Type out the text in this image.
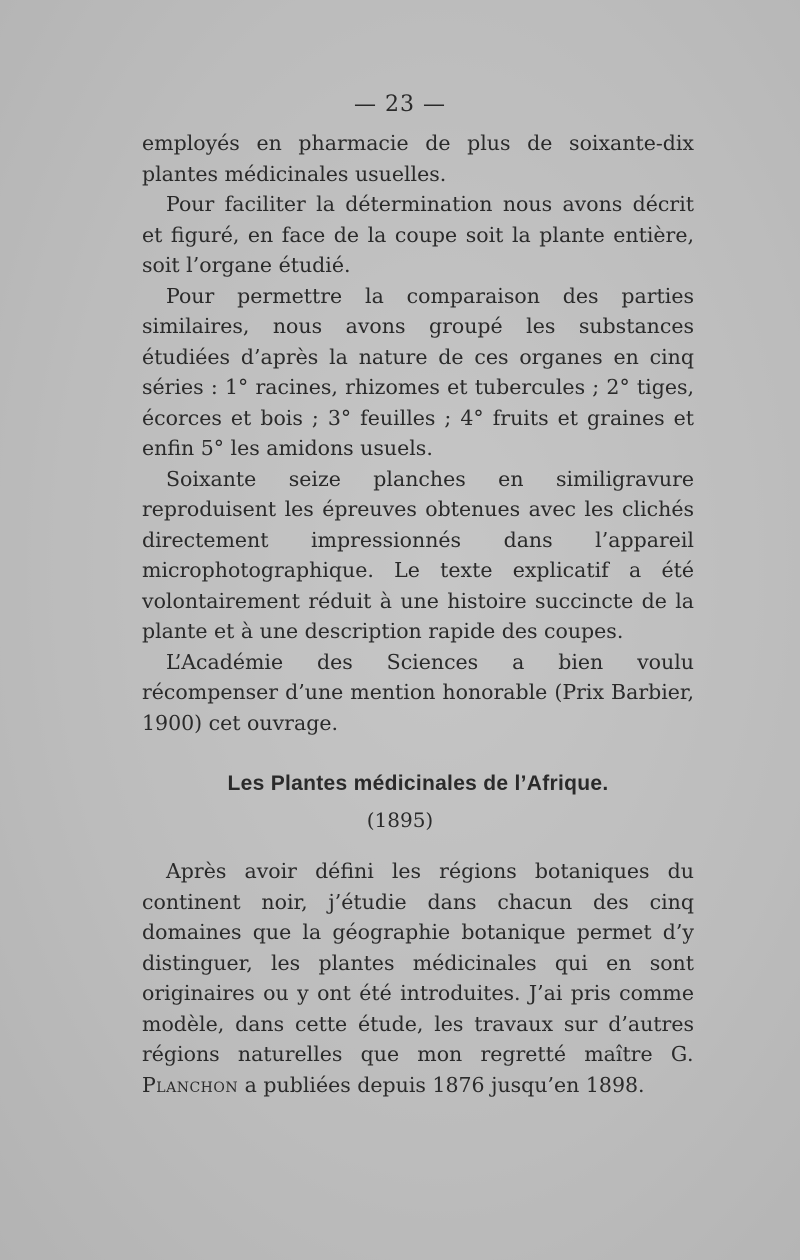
— 23 —

employés en pharmacie de plus de soixante-dix plantes médicinales usuelles.

Pour faciliter la détermination nous avons décrit et figuré, en face de la coupe soit la plante entière, soit l’organe étudié.

Pour permettre la comparaison des parties similaires, nous avons groupé les substances étudiées d’après la nature de ces organes en cinq séries : 1° racines, rhizomes et tubercules ; 2° tiges, écorces et bois ; 3° feuilles ; 4° fruits et graines et enfin 5° les amidons usuels.

Soixante seize planches en similigravure reproduisent les épreuves obtenues avec les clichés directement impressionnés dans l’appareil microphotographique. Le texte explicatif a été volontairement réduit à une histoire succincte de la plante et à une description rapide des coupes.

L’Académie des Sciences a bien voulu récompenser d’une mention honorable (Prix Barbier, 1900) cet ouvrage.

Les Plantes médicinales de l’Afrique.
(1895)

Après avoir défini les régions botaniques du continent noir, j’étudie dans chacun des cinq domaines que la géographie botanique permet d’y distinguer, les plantes médicinales qui en sont originaires ou y ont été introduites. J’ai pris comme modèle, dans cette étude, les travaux sur d’autres régions naturelles que mon regretté maître G. Planchon a publiées depuis 1876 jusqu’en 1898.
